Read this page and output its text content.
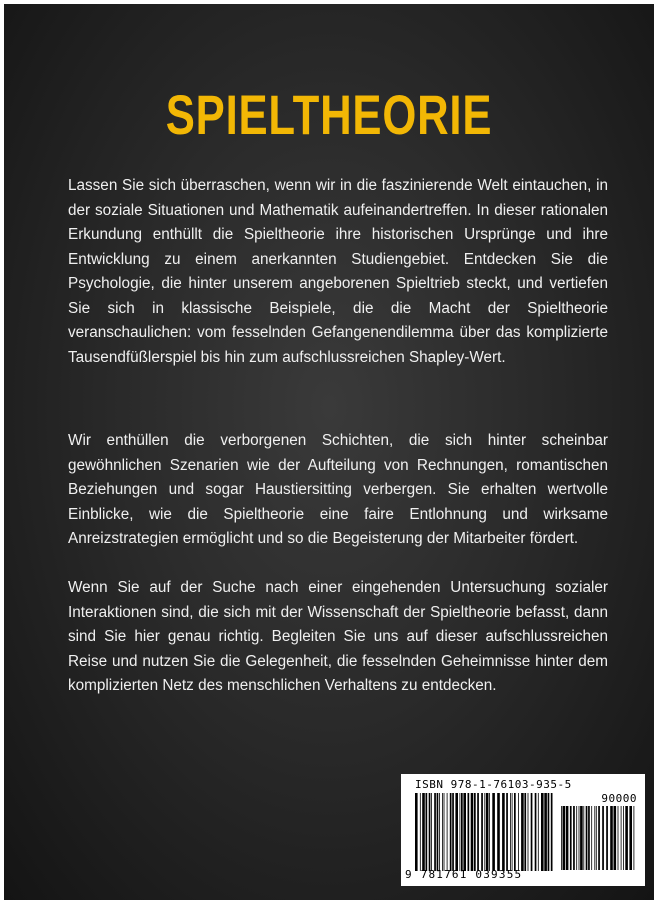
SPIELTHEORIE
Lassen Sie sich überraschen, wenn wir in die faszinierende Welt eintauchen, in der soziale Situationen und Mathematik aufeinandertreffen. In dieser rationalen Erkundung enthüllt die Spieltheorie ihre historischen Ursprünge und ihre Entwicklung zu einem anerkannten Studiengebiet. Entdecken Sie die Psychologie, die hinter unserem angeborenen Spieltrieb steckt, und vertiefen Sie sich in klassische Beispiele, die die Macht der Spieltheorie veranschaulichen: vom fesselnden Gefangenendilemma über das komplizierte Tausendfüßlerspiel bis hin zum aufschlussreichen Shapley-Wert.
Wir enthüllen die verborgenen Schichten, die sich hinter scheinbar gewöhnlichen Szenarien wie der Aufteilung von Rechnungen, romantischen Beziehungen und sogar Haustiersitting verbergen. Sie erhalten wertvolle Einblicke, wie die Spieltheorie eine faire Entlohnung und wirksame Anreizstrategien ermöglicht und so die Begeisterung der Mitarbeiter fördert.
Wenn Sie auf der Suche nach einer eingehenden Untersuchung sozialer Interaktionen sind, die sich mit der Wissenschaft der Spieltheorie befasst, dann sind Sie hier genau richtig. Begleiten Sie uns auf dieser aufschlussreichen Reise und nutzen Sie die Gelegenheit, die fesselnden Geheimnisse hinter dem komplizierten Netz des menschlichen Verhaltens zu entdecken.
ISBN 978-1-76103-935-5
90000
9 781761 039355
